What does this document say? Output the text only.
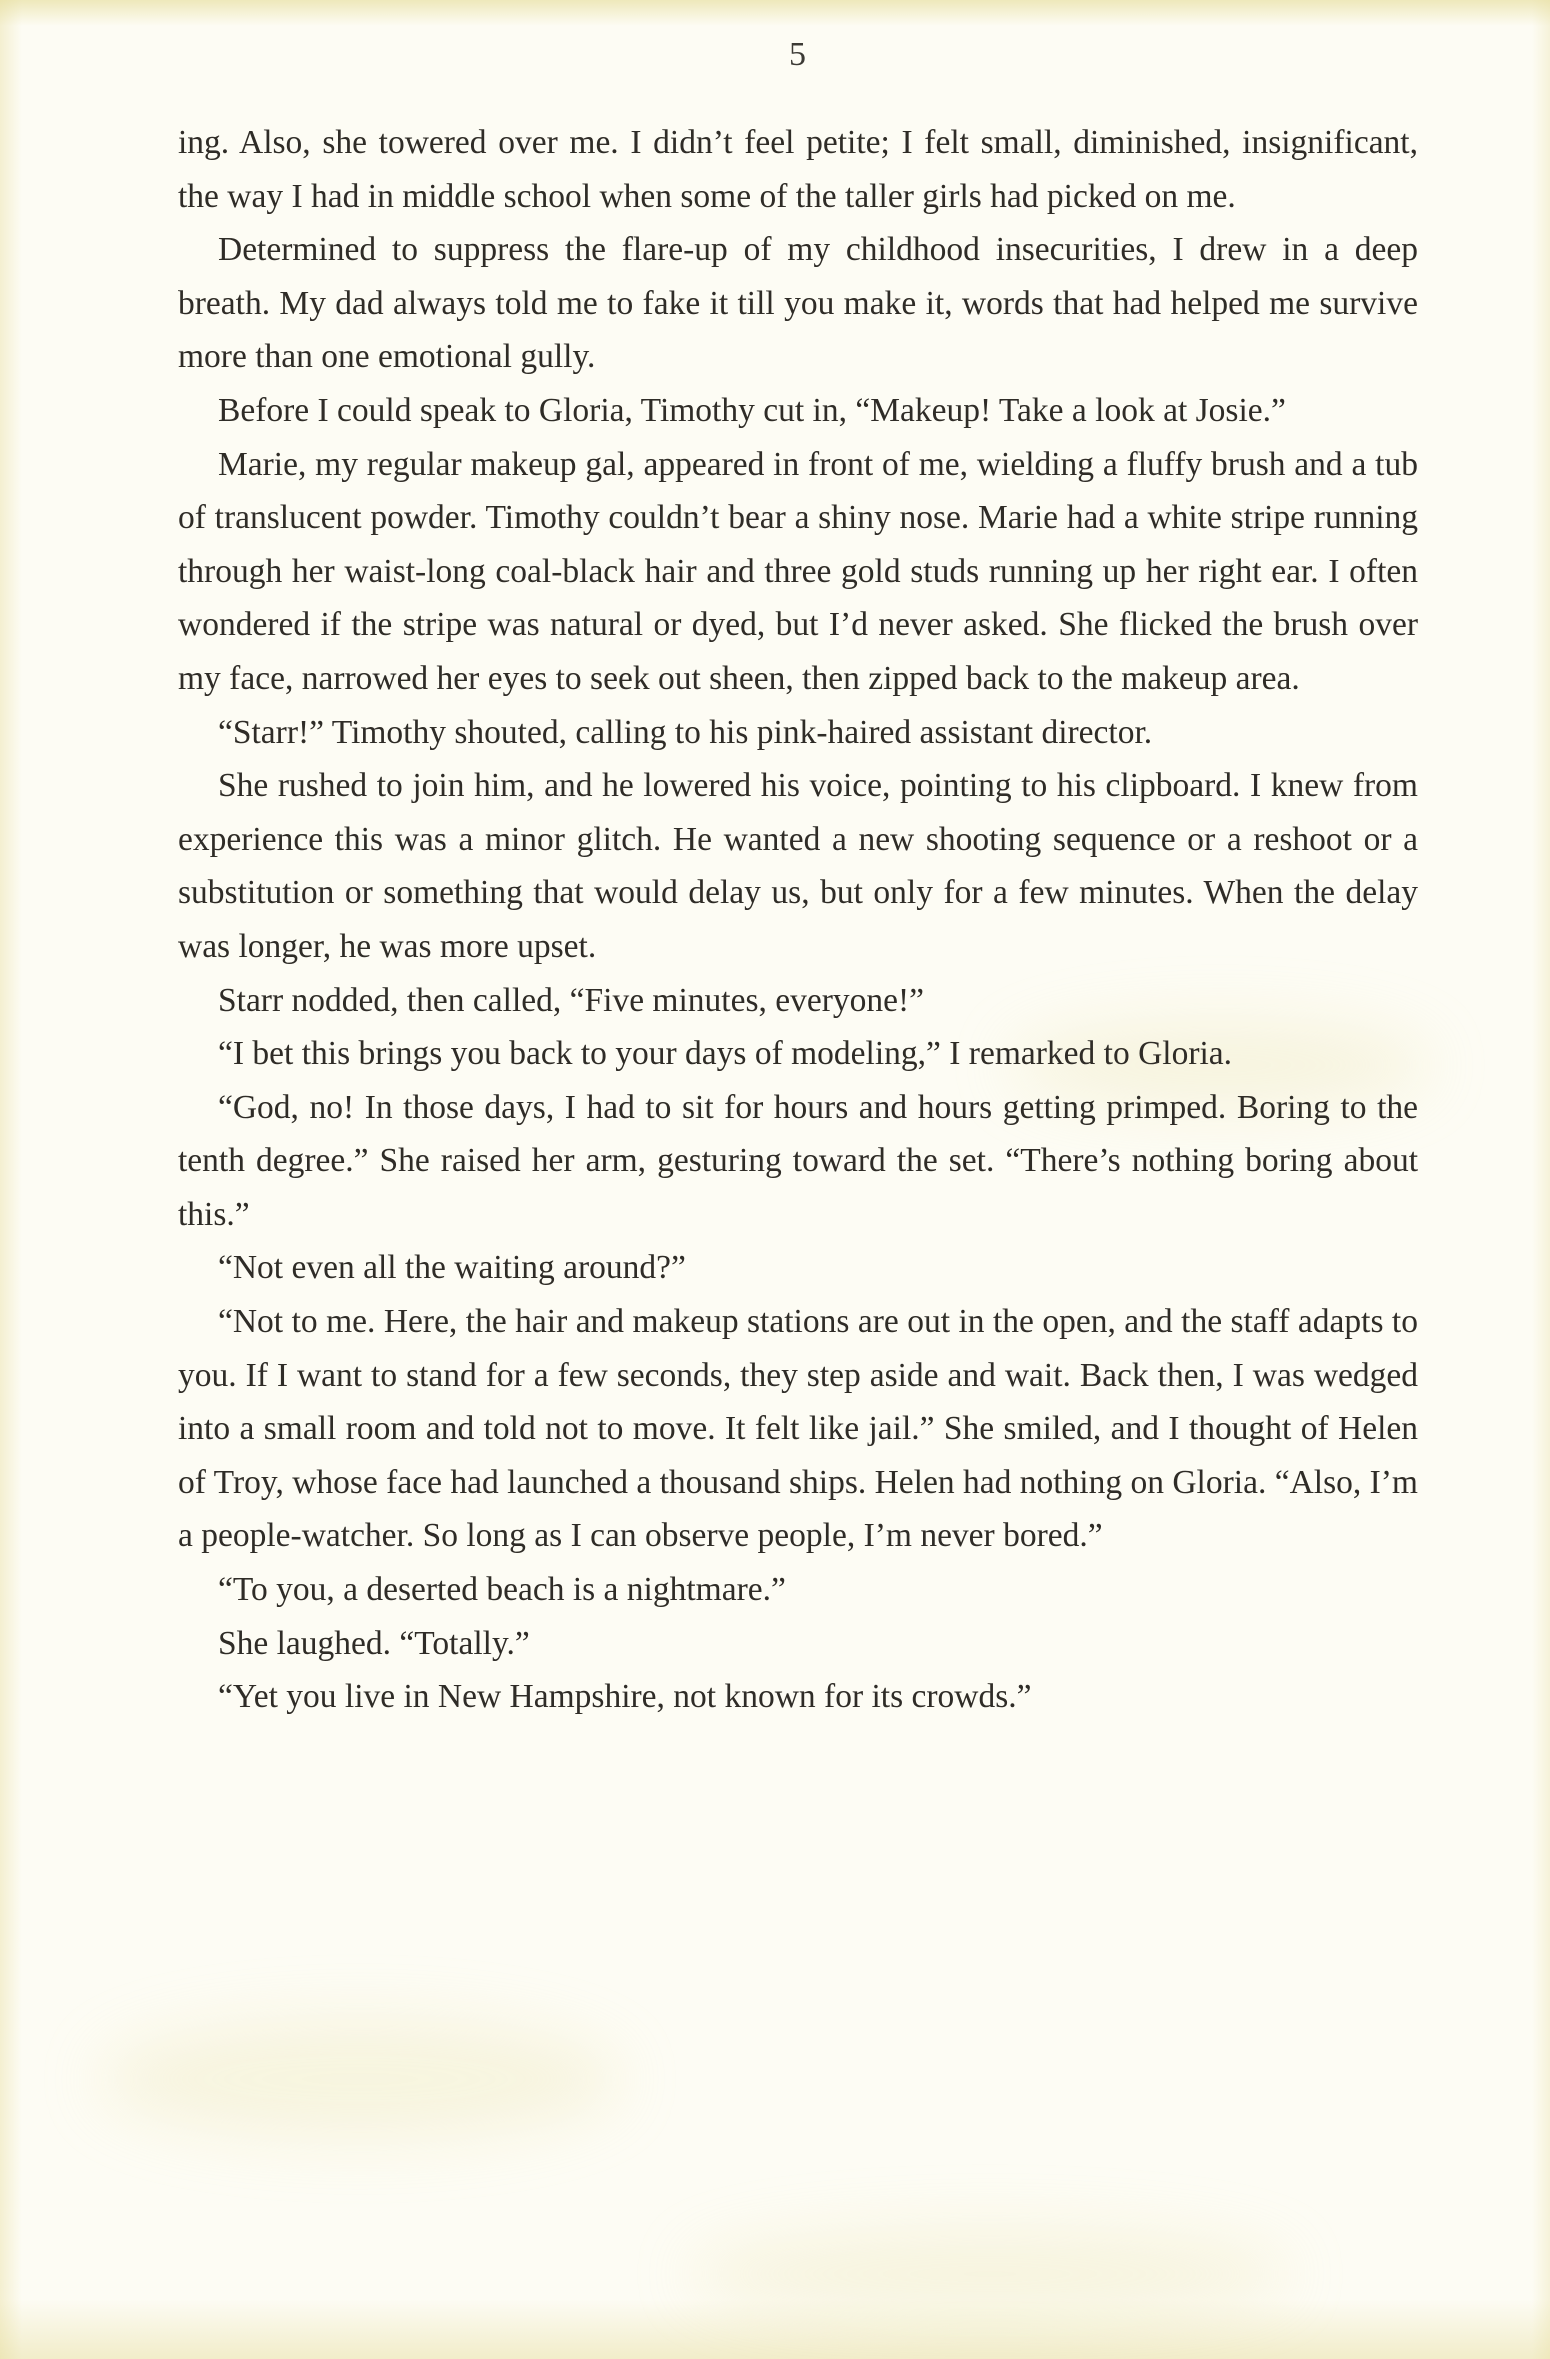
5

ing. Also, she towered over me. I didn’t feel petite; I felt small, diminished, insignificant, the way I had in middle school when some of the taller girls had picked on me.

Determined to suppress the flare-up of my childhood insecurities, I drew in a deep breath. My dad always told me to fake it till you make it, words that had helped me survive more than one emotional gully.

Before I could speak to Gloria, Timothy cut in, “Makeup! Take a look at Josie.”

Marie, my regular makeup gal, appeared in front of me, wielding a fluffy brush and a tub of translucent powder. Timothy couldn’t bear a shiny nose. Marie had a white stripe running through her waist-long coal-black hair and three gold studs running up her right ear. I often wondered if the stripe was natural or dyed, but I’d never asked. She flicked the brush over my face, narrowed her eyes to seek out sheen, then zipped back to the makeup area.

“Starr!” Timothy shouted, calling to his pink-haired assistant director.

She rushed to join him, and he lowered his voice, pointing to his clipboard. I knew from experience this was a minor glitch. He wanted a new shooting sequence or a reshoot or a substitution or something that would delay us, but only for a few minutes. When the delay was longer, he was more upset.

Starr nodded, then called, “Five minutes, everyone!”

“I bet this brings you back to your days of modeling,” I remarked to Gloria.

“God, no! In those days, I had to sit for hours and hours getting primped. Boring to the tenth degree.” She raised her arm, gesturing toward the set. “There’s nothing boring about this.”

“Not even all the waiting around?”

“Not to me. Here, the hair and makeup stations are out in the open, and the staff adapts to you. If I want to stand for a few seconds, they step aside and wait. Back then, I was wedged into a small room and told not to move. It felt like jail.” She smiled, and I thought of Helen of Troy, whose face had launched a thousand ships. Helen had nothing on Gloria. “Also, I’m a people-watcher. So long as I can observe people, I’m never bored.”

“To you, a deserted beach is a nightmare.”

She laughed. “Totally.”

“Yet you live in New Hampshire, not known for its crowds.”
